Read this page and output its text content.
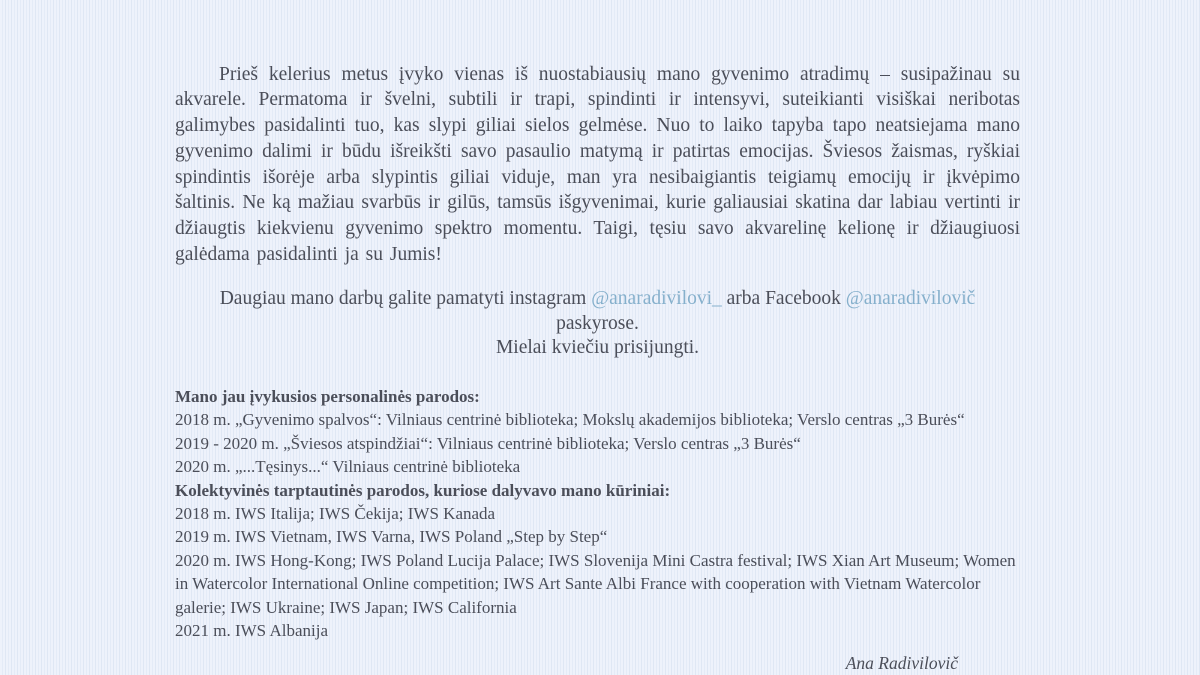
Prieš kelerius metus įvyko vienas iš nuostabiausių mano gyvenimo atradimų – susipažinau su akvarele. Permatoma ir švelni, subtili ir trapi, spindinti ir intensyvi, suteikianti visiškai neribotas galimybes pasidalinti tuo, kas slypi giliai sielos gelmėse. Nuo to laiko tapyba tapo neatsiejama mano gyvenimo dalimi ir būdu išreikšti savo pasaulio matymą ir patirtas emocijas. Šviesos žaismas, ryškiai spindintis išorėje arba slypintis giliai viduje, man yra nesibaigiantis teigiamų emocijų ir įkvėpimo šaltinis. Ne ką mažiau svarbūs ir gilūs, tamsūs išgyvenimai, kurie galiausiai skatina dar labiau vertinti ir džiaugtis kiekvienu gyvenimo spektro momentu. Taigi, tęsiu savo akvarelinę kelionę ir džiaugiuosi galėdama pasidalinti ja su Jumis!

Daugiau mano darbų galite pamatyti instagram @anaradivilovi_ arba Facebook @anaradivilovič
paskyrose.
Mielai kviečiu prisijungti.
Mano jau įvykusios personalinės parodos:
2018 m. „Gyvenimo spalvos“: Vilniaus centrinė biblioteka; Mokslų akademijos biblioteka; Verslo centras „3 Burės“
2019 - 2020 m. „Šviesos atspindžiai“: Vilniaus centrinė biblioteka; Verslo centras „3 Burės“
2020 m. „...Tęsinys...“ Vilniaus centrinė biblioteka
Kolektyvinės tarptautinės parodos, kuriose dalyvavo mano kūriniai:
2018 m. IWS Italija; IWS Čekija; IWS Kanada
2019 m. IWS Vietnam, IWS Varna, IWS Poland „Step by Step“
2020 m. IWS Hong-Kong; IWS Poland Lucija Palace; IWS Slovenija Mini Castra festival; IWS Xian Art Museum; Women in Watercolor International Online competition; IWS Art Sante Albi France with cooperation with Vietnam Watercolor galerie; IWS Ukraine; IWS Japan; IWS California
2021 m. IWS Albanija
Ana Radivilovič
